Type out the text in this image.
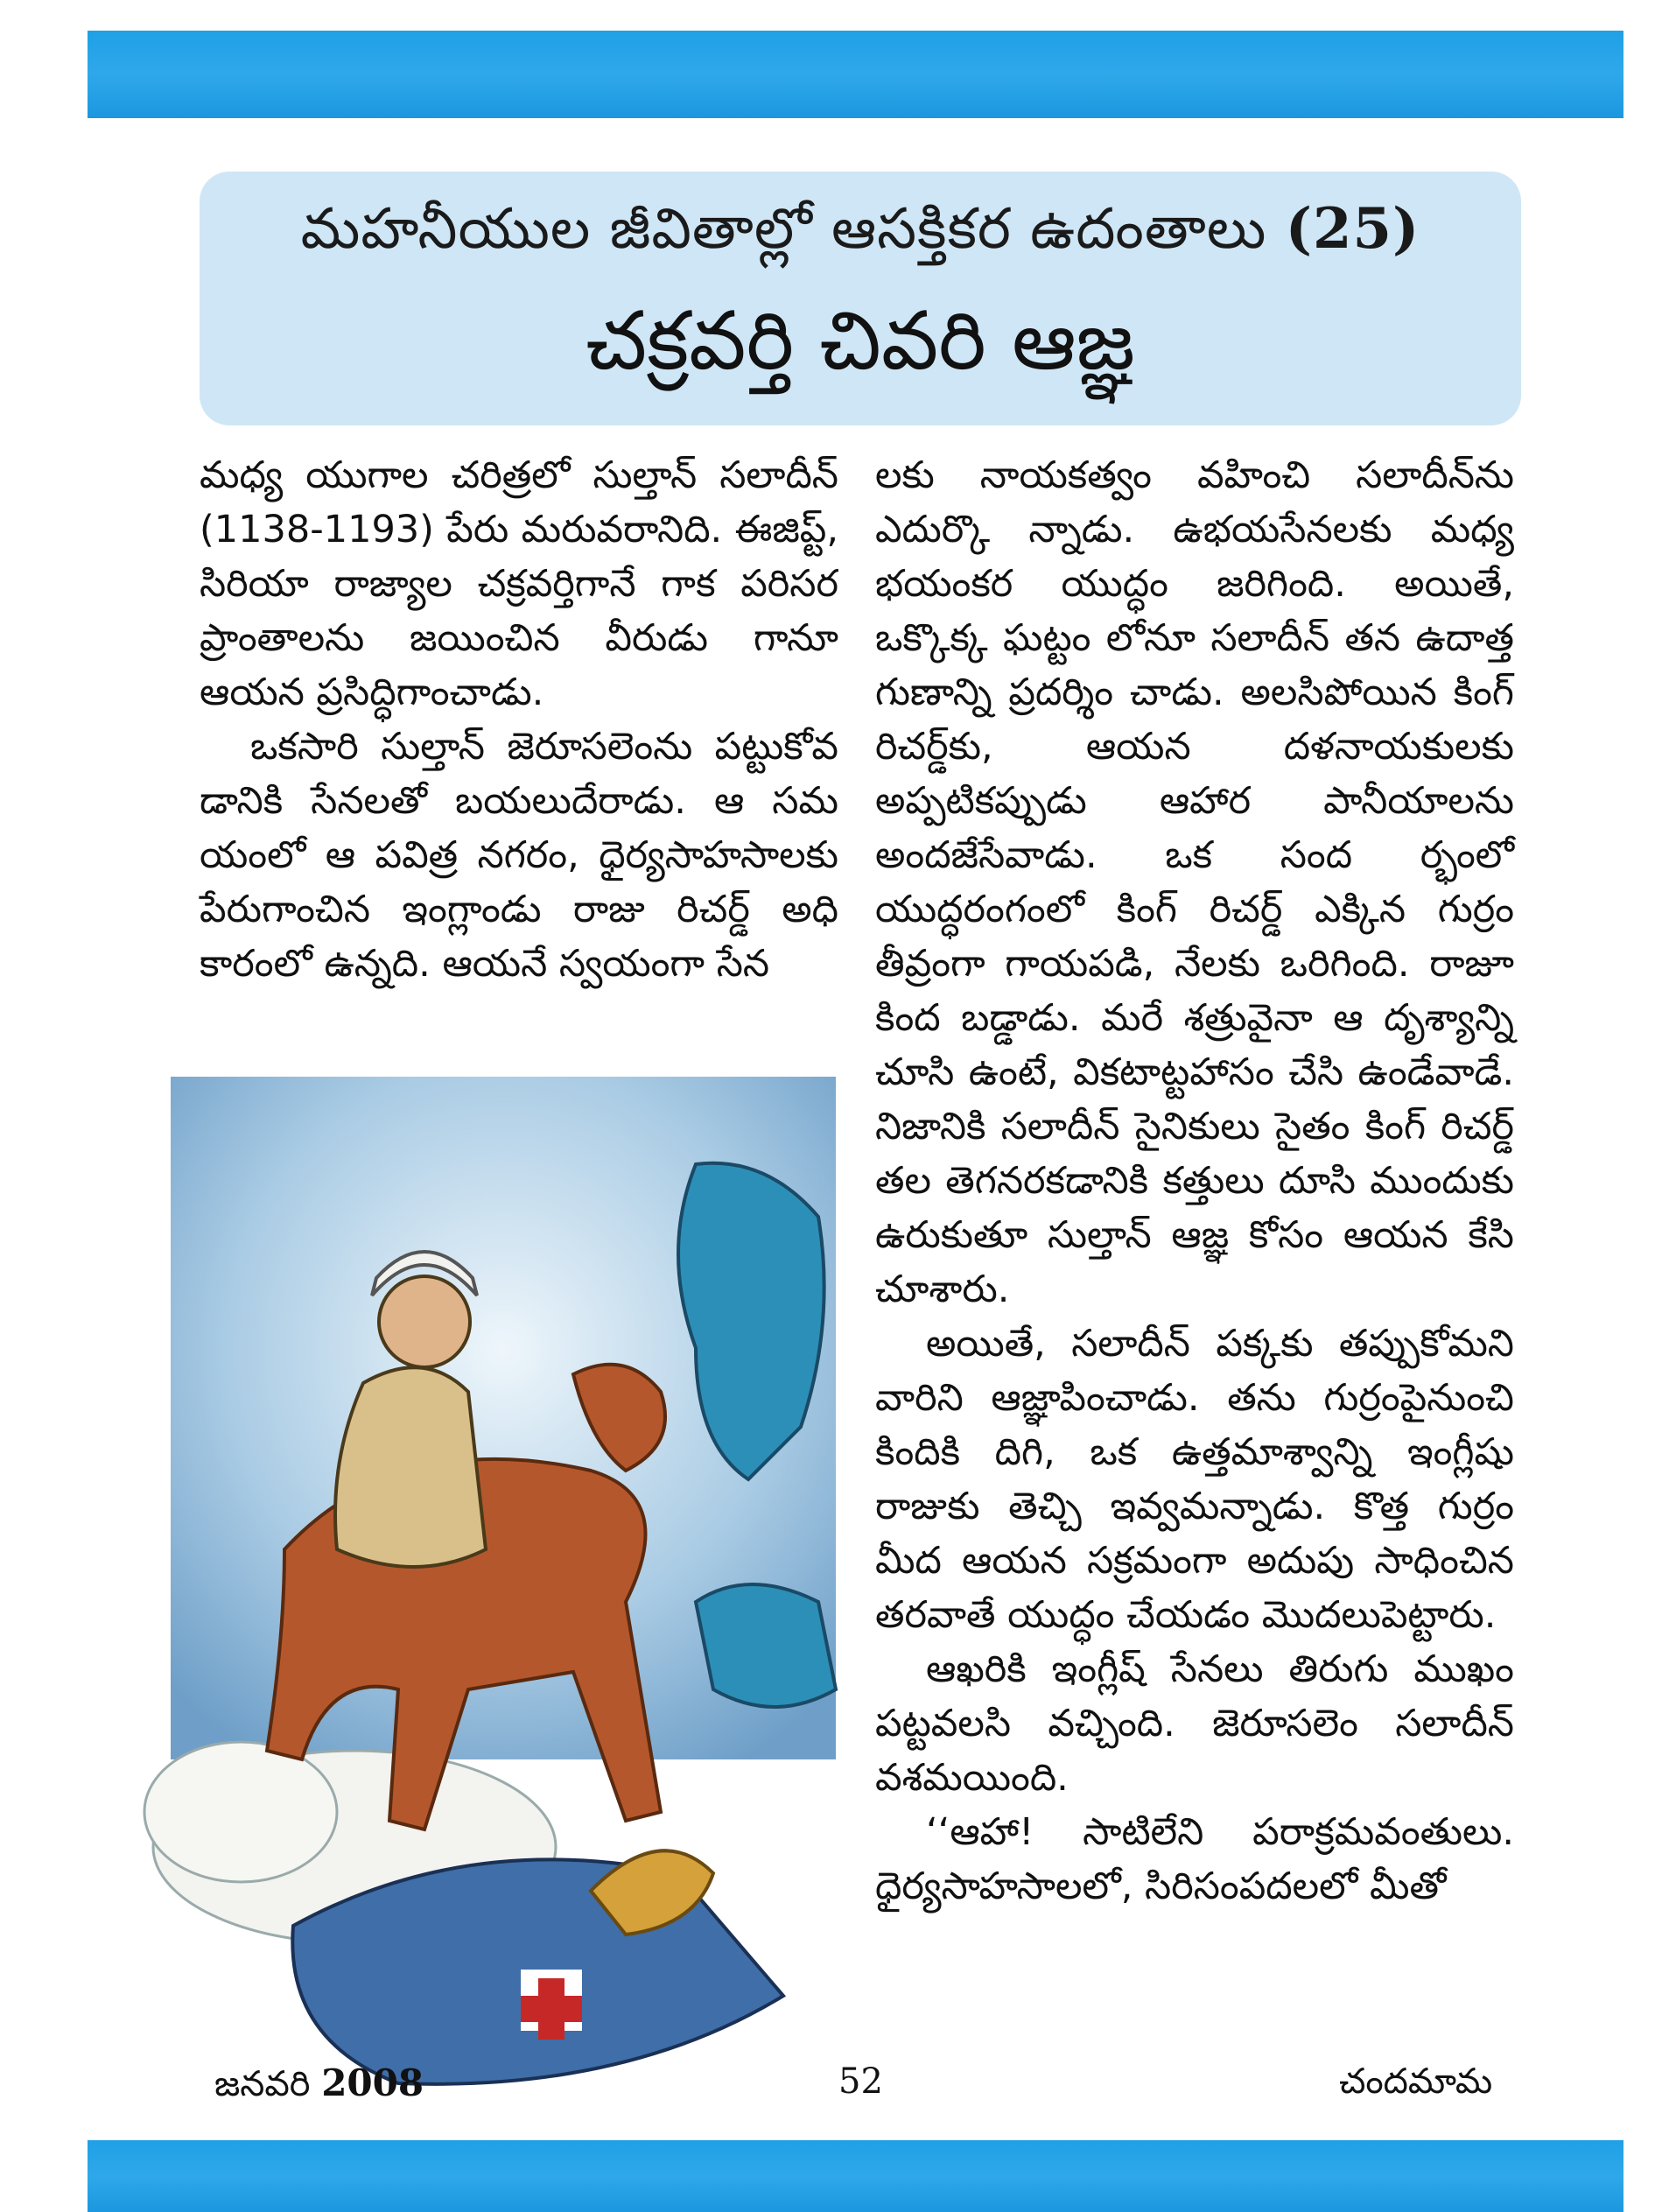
మహనీయుల జీవితాల్లో ఆసక్తికర ఉదంతాలు (25)
చక్రవర్తి చివరి ఆజ్ఞ

మధ్య యుగాల చరిత్రలో సుల్తాన్ సలాదీన్ (1138-1193) పేరు మరువరానిది. ఈజిప్ట్, సిరియా రాజ్యాల చక్రవర్తిగానే గాక పరిసర ప్రాంతాలను జయించిన వీరుడు గానూ ఆయన ప్రసిద్ధిగాంచాడు.

ఒకసారి సుల్తాన్ జెరూసలెంను పట్టుకోవ డానికి సేనలతో బయలుదేరాడు. ఆ సమ యంలో ఆ పవిత్ర నగరం, ధైర్యసాహసాలకు పేరుగాంచిన ఇంగ్లాండు రాజు రిచర్డ్ అధి కారంలో ఉన్నది. ఆయనే స్వయంగా సేన

లకు నాయకత్వం వహించి సలాదీన్‌ను ఎదుర్కొ న్నాడు. ఉభయసేనలకు మధ్య భయంకర యుద్ధం జరిగింది. అయితే, ఒక్కొక్క ఘట్టం లోనూ సలాదీన్ తన ఉదాత్త గుణాన్ని ప్రదర్శిం చాడు. అలసిపోయిన కింగ్ రిచర్డ్‌కు, ఆయన దళనాయకులకు అప్పటికప్పుడు ఆహార పానీయాలను అందజేసేవాడు. ఒక సంద ర్భంలో యుద్ధరంగంలో కింగ్ రిచర్డ్ ఎక్కిన గుర్రం తీవ్రంగా గాయపడి, నేలకు ఒరిగింది. రాజూ కింద బడ్డాడు. మరే శత్రువైనా ఆ దృశ్యాన్ని చూసి ఉంటే, వికటాట్టహాసం చేసి ఉండేవాడే. నిజానికి సలాదీన్ సైనికులు సైతం కింగ్ రిచర్డ్ తల తెగనరకడానికి కత్తులు దూసి ముందుకు ఉరుకుతూ సుల్తాన్ ఆజ్ఞ కోసం ఆయన కేసి చూశారు.

అయితే, సలాదీన్ పక్కకు తప్పుకోమని వారిని ఆజ్ఞాపించాడు. తను గుర్రంపైనుంచి కిందికి దిగి, ఒక ఉత్తమాశ్వాన్ని ఇంగ్లీషు రాజుకు తెచ్చి ఇవ్వమన్నాడు. కొత్త గుర్రం మీద ఆయన సక్రమంగా అదుపు సాధించిన తరవాతే యుద్ధం చేయడం మొదలుపెట్టారు.

ఆఖరికి ఇంగ్లీష్ సేనలు తిరుగు ముఖం పట్టవలసి వచ్చింది. జెరూసలెం సలాదీన్ వశమయింది.

‘‘ఆహా! సాటిలేని పరాక్రమవంతులు. ధైర్యసాహసాలలో, సిరిసంపదలలో మీతో

జనవరి 2008	52	చందమామ
